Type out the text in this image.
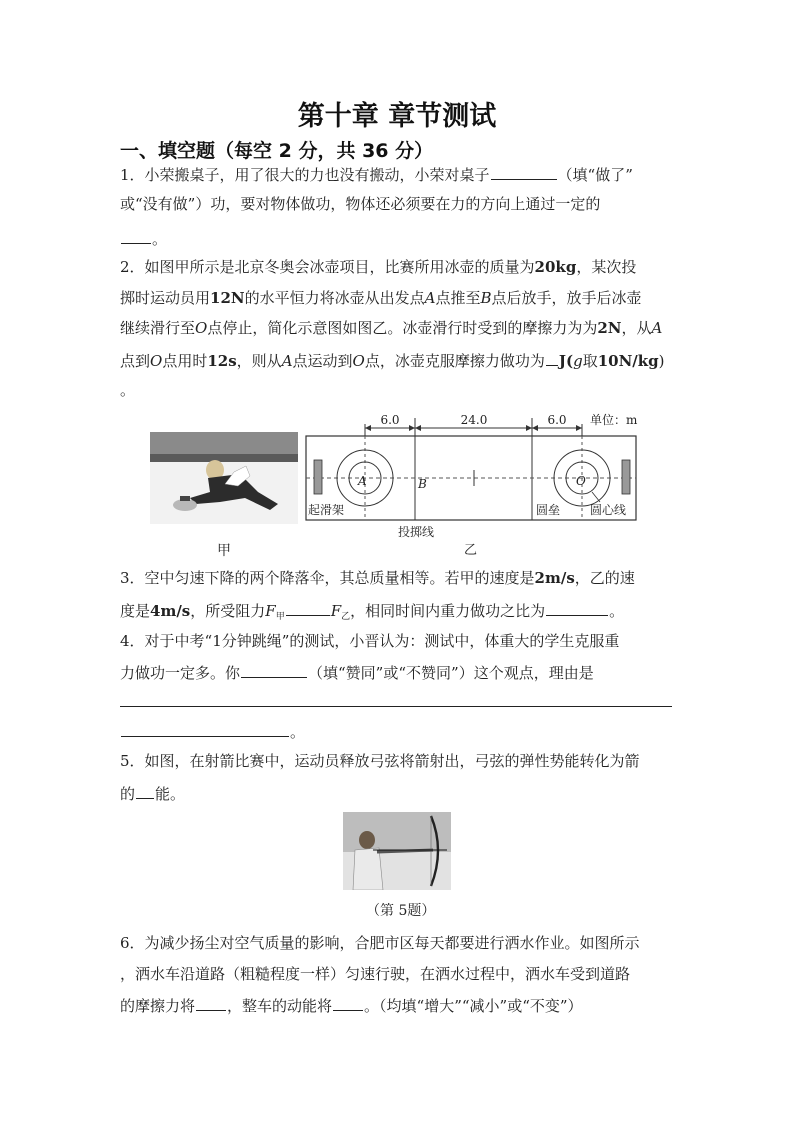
第十章 章节测试
一、填空题（每空 2 分，共 36 分）
1．小荣搬桌子，用了很大的力也没有搬动，小荣对桌子	（填“做了”
或“没有做”）功，要对物体做功，物体还必须要在力的方向上通过一定的
。
2．如图甲所示是北京冬奥会冰壶项目，比赛所用冰壶的质量为20kg，某次投
掷时运动员用12N的水平恒力将冰壶从出发点A点推至B点后放手，放手后冰壶
继续滑行至O点停止，简化示意图如图乙。冰壶滑行时受到的摩擦力为为2N，从A
点到O点用时12s，则从A点运动到O点，冰壶克服摩擦力做功为 J(g取10N/kg)
。
甲
6.0	24.0	6.0 单位：m
A	B	O
起滑架	圆垒 圆心线
投掷线
乙
3．空中匀速下降的两个降落伞，其总质量相等。若甲的速度是2m/s，乙的速
度是4m/s，所受阻力$F_甲$	$F_乙$，相同时间内重力做功之比为	。
4．对于中考“1分钟跳绳”的测试，小晋认为：测试中，体重大的学生克服重
力做功一定多。你	（填“赞同”或“不赞同”）这个观点，理由是
。
5．如图，在射箭比赛中，运动员释放弓弦将箭射出，弓弦的弹性势能转化为箭
的 能。
（第 5题）
6．为减少扬尘对空气质量的影响，合肥市区每天都要进行洒水作业。如图所示
，洒水车沿道路（粗糙程度一样）匀速行驶，在洒水过程中，洒水车受到道路
的摩擦力将 ，整车的动能将 。（均填“增大”“减小”或“不变”）
